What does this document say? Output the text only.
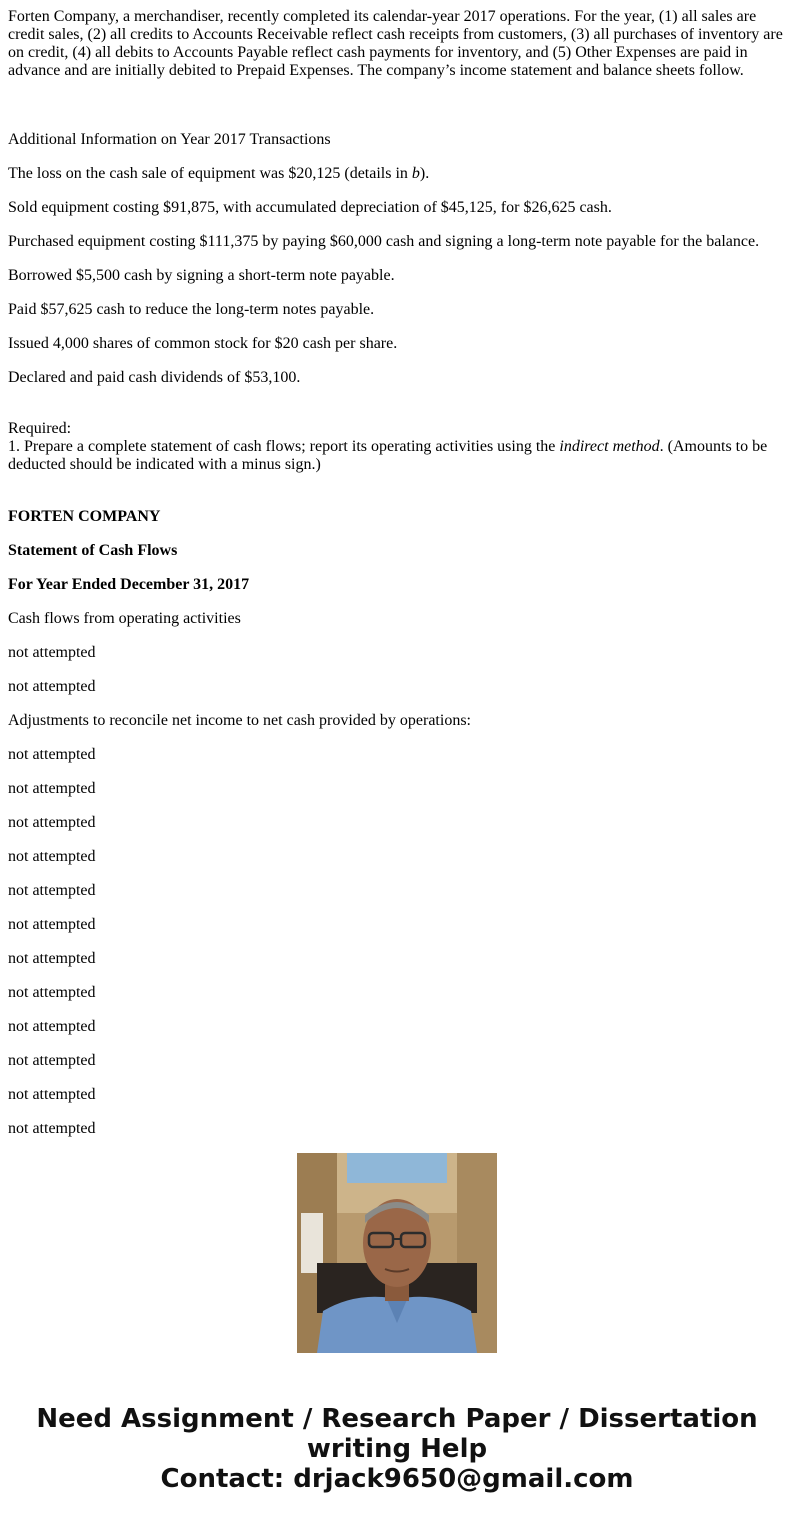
Forten Company, a merchandiser, recently completed its calendar-year 2017 operations. For the year, (1) all sales are credit sales, (2) all credits to Accounts Receivable reflect cash receipts from customers, (3) all purchases of inventory are on credit, (4) all debits to Accounts Payable reflect cash payments for inventory, and (5) Other Expenses are paid in advance and are initially debited to Prepaid Expenses. The company’s income statement and balance sheets follow.

Additional Information on Year 2017 Transactions

The loss on the cash sale of equipment was $20,125 (details in b).

Sold equipment costing $91,875, with accumulated depreciation of $45,125, for $26,625 cash.

Purchased equipment costing $111,375 by paying $60,000 cash and signing a long-term note payable for the balance.

Borrowed $5,500 cash by signing a short-term note payable.

Paid $57,625 cash to reduce the long-term notes payable.

Issued 4,000 shares of common stock for $20 cash per share.

Declared and paid cash dividends of $53,100.

Required:
1. Prepare a complete statement of cash flows; report its operating activities using the indirect method. (Amounts to be deducted should be indicated with a minus sign.)

FORTEN COMPANY

Statement of Cash Flows

For Year Ended December 31, 2017

Cash flows from operating activities

not attempted

not attempted

Adjustments to reconcile net income to net cash provided by operations:

not attempted

not attempted

not attempted

not attempted

not attempted

not attempted

not attempted

not attempted

not attempted

not attempted

not attempted

not attempted

Need Assignment / Research Paper / Dissertation
writing Help
Contact: drjack9650@gmail.com
